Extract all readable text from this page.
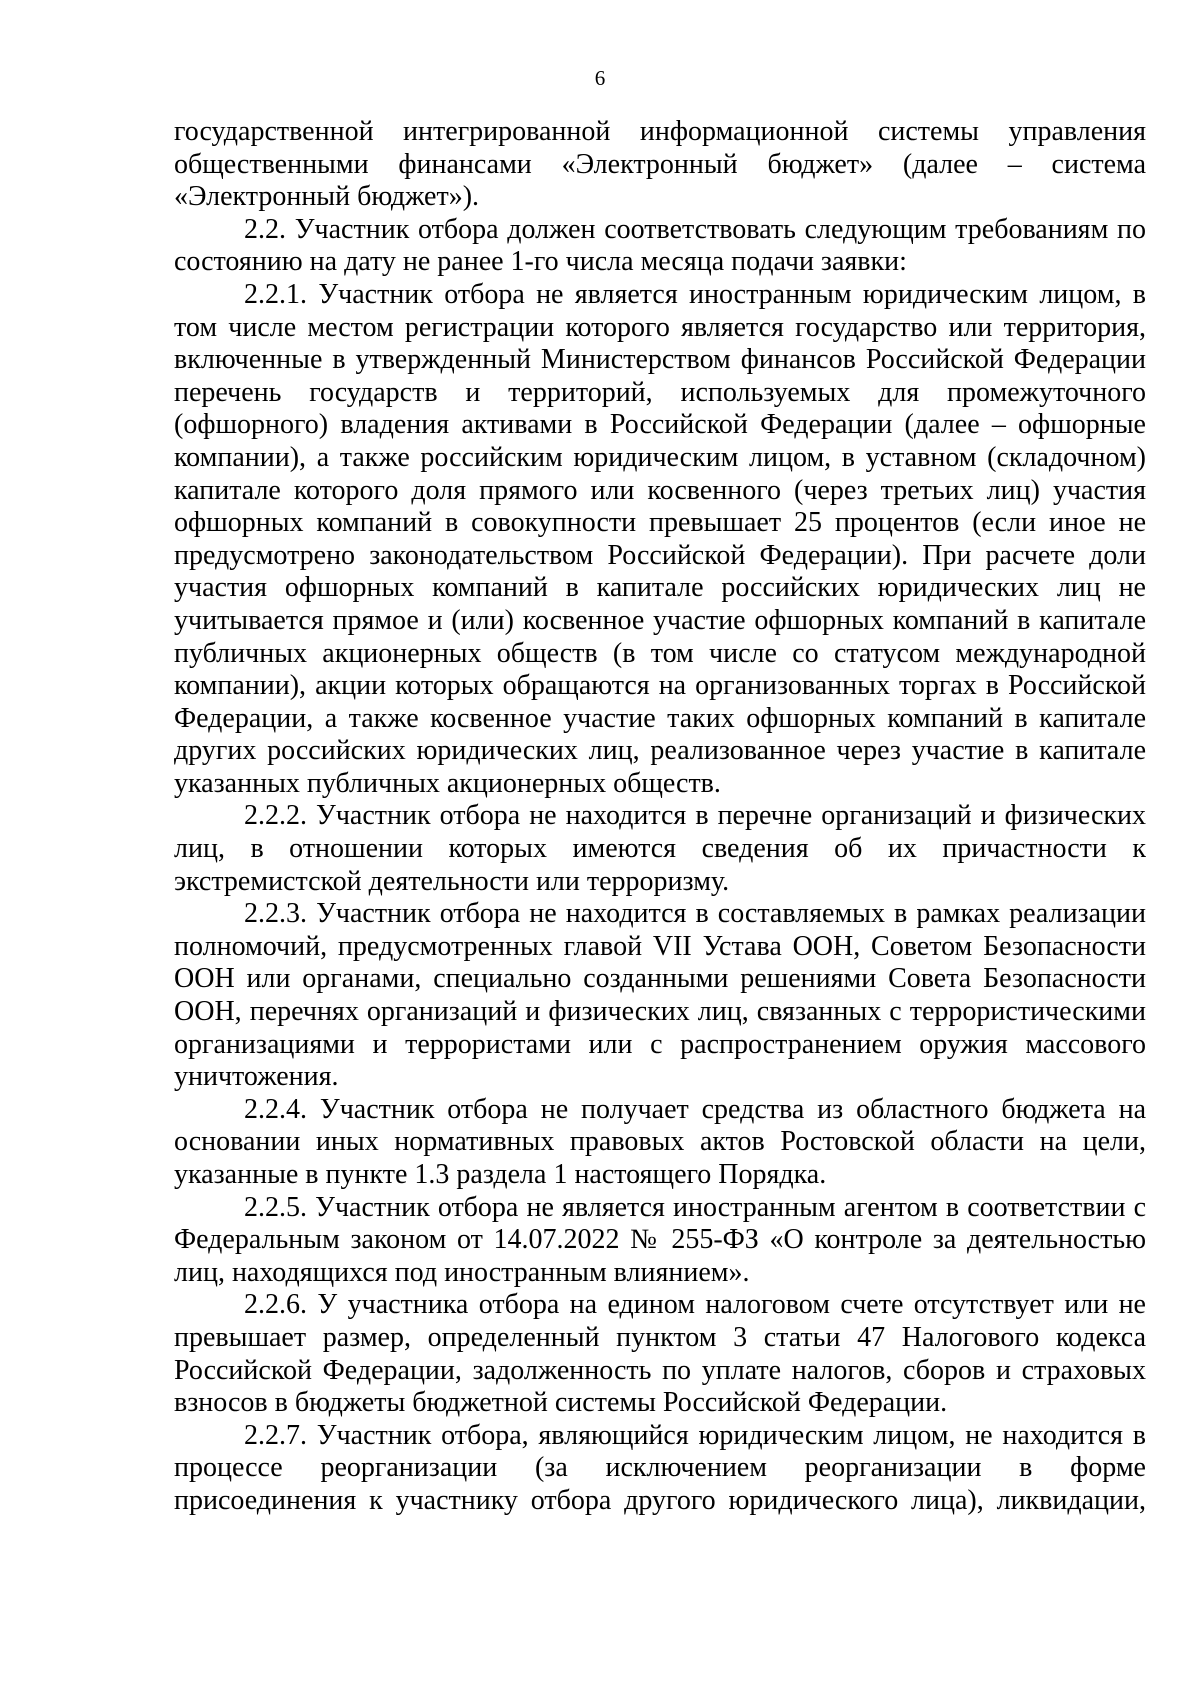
6

государственной интегрированной информационной системы управления общественными финансами «Электронный бюджет» (далее – система «Электронный бюджет»).

2.2. Участник отбора должен соответствовать следующим требованиям по состоянию на дату не ранее 1-го числа месяца подачи заявки:

2.2.1. Участник отбора не является иностранным юридическим лицом, в том числе местом регистрации которого является государство или территория, включенные в утвержденный Министерством финансов Российской Федерации перечень государств и территорий, используемых для промежуточного (офшорного) владения активами в Российской Федерации (далее – офшорные компании), а также российским юридическим лицом, в уставном (складочном) капитале которого доля прямого или косвенного (через третьих лиц) участия офшорных компаний в совокупности превышает 25 процентов (если иное не предусмотрено законодательством Российской Федерации). При расчете доли участия офшорных компаний в капитале российских юридических лиц не учитывается прямое и (или) косвенное участие офшорных компаний в капитале публичных акционерных обществ (в том числе со статусом международной компании), акции которых обращаются на организованных торгах в Российской Федерации, а также косвенное участие таких офшорных компаний в капитале других российских юридических лиц, реализованное через участие в капитале указанных публичных акционерных обществ.

2.2.2. Участник отбора не находится в перечне организаций и физических лиц, в отношении которых имеются сведения об их причастности к экстремистской деятельности или терроризму.

2.2.3. Участник отбора не находится в составляемых в рамках реализации полномочий, предусмотренных главой VII Устава ООН, Советом Безопасности ООН или органами, специально созданными решениями Совета Безопасности ООН, перечнях организаций и физических лиц, связанных с террористическими организациями и террористами или с распространением оружия массового уничтожения.

2.2.4. Участник отбора не получает средства из областного бюджета на основании иных нормативных правовых актов Ростовской области на цели, указанные в пункте 1.3 раздела 1 настоящего Порядка.

2.2.5. Участник отбора не является иностранным агентом в соответствии с Федеральным законом от 14.07.2022 № 255-ФЗ «О контроле за деятельностью лиц, находящихся под иностранным влиянием».

2.2.6. У участника отбора на едином налоговом счете отсутствует или не превышает размер, определенный пунктом 3 статьи 47 Налогового кодекса Российской Федерации, задолженность по уплате налогов, сборов и страховых взносов в бюджеты бюджетной системы Российской Федерации.

2.2.7. Участник отбора, являющийся юридическим лицом, не находится в процессе реорганизации (за исключением реорганизации в форме присоединения к участнику отбора другого юридического лица), ликвидации,
